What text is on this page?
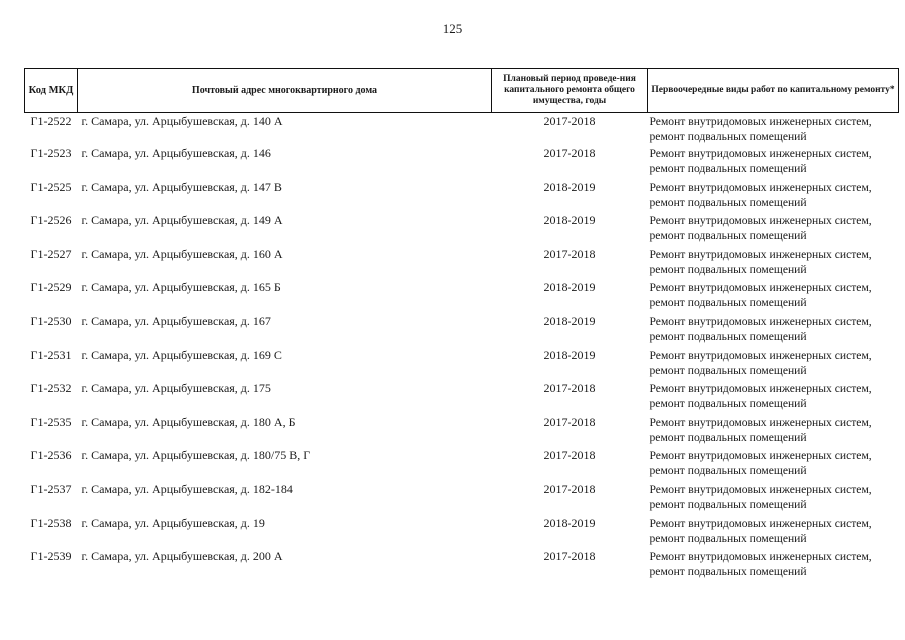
125
Код МКД	Почтовый адрес многоквартирного дома	Плановый период проведе-ния капитального ремонта общего имущества, годы	Первоочередные виды работ по капитальному ремонту*
Г1-2522	г. Самара, ул. Арцыбушевская, д. 140 А	2017-2018	Ремонт внутридомовых инженерных систем,
ремонт подвальных помещений

Г1-2523	г. Самара, ул. Арцыбушевская, д. 146	2017-2018	Ремонт внутридомовых инженерных систем,
ремонт подвальных помещений

Г1-2525	г. Самара, ул. Арцыбушевская, д. 147 В	2018-2019	Ремонт внутридомовых инженерных систем,
ремонт подвальных помещений

Г1-2526	г. Самара, ул. Арцыбушевская, д. 149 А	2018-2019	Ремонт внутридомовых инженерных систем,
ремонт подвальных помещений

Г1-2527	г. Самара, ул. Арцыбушевская, д. 160 А	2017-2018	Ремонт внутридомовых инженерных систем,
ремонт подвальных помещений

Г1-2529	г. Самара, ул. Арцыбушевская, д. 165 Б	2018-2019	Ремонт внутридомовых инженерных систем,
ремонт подвальных помещений

Г1-2530	г. Самара, ул. Арцыбушевская, д. 167	2018-2019	Ремонт внутридомовых инженерных систем,
ремонт подвальных помещений

Г1-2531	г. Самара, ул. Арцыбушевская, д. 169 С	2018-2019	Ремонт внутридомовых инженерных систем,
ремонт подвальных помещений

Г1-2532	г. Самара, ул. Арцыбушевская, д. 175	2017-2018	Ремонт внутридомовых инженерных систем,
ремонт подвальных помещений

Г1-2535	г. Самара, ул. Арцыбушевская, д. 180 А, Б	2017-2018	Ремонт внутридомовых инженерных систем,
ремонт подвальных помещений

Г1-2536	г. Самара, ул. Арцыбушевская, д. 180/75 В, Г	2017-2018	Ремонт внутридомовых инженерных систем,
ремонт подвальных помещений

Г1-2537	г. Самара, ул. Арцыбушевская, д. 182-184	2017-2018	Ремонт внутридомовых инженерных систем,
ремонт подвальных помещений

Г1-2538	г. Самара, ул. Арцыбушевская, д. 19	2018-2019	Ремонт внутридомовых инженерных систем,
ремонт подвальных помещений

Г1-2539	г. Самара, ул. Арцыбушевская, д. 200 А	2017-2018	Ремонт внутридомовых инженерных систем,
ремонт подвальных помещений
